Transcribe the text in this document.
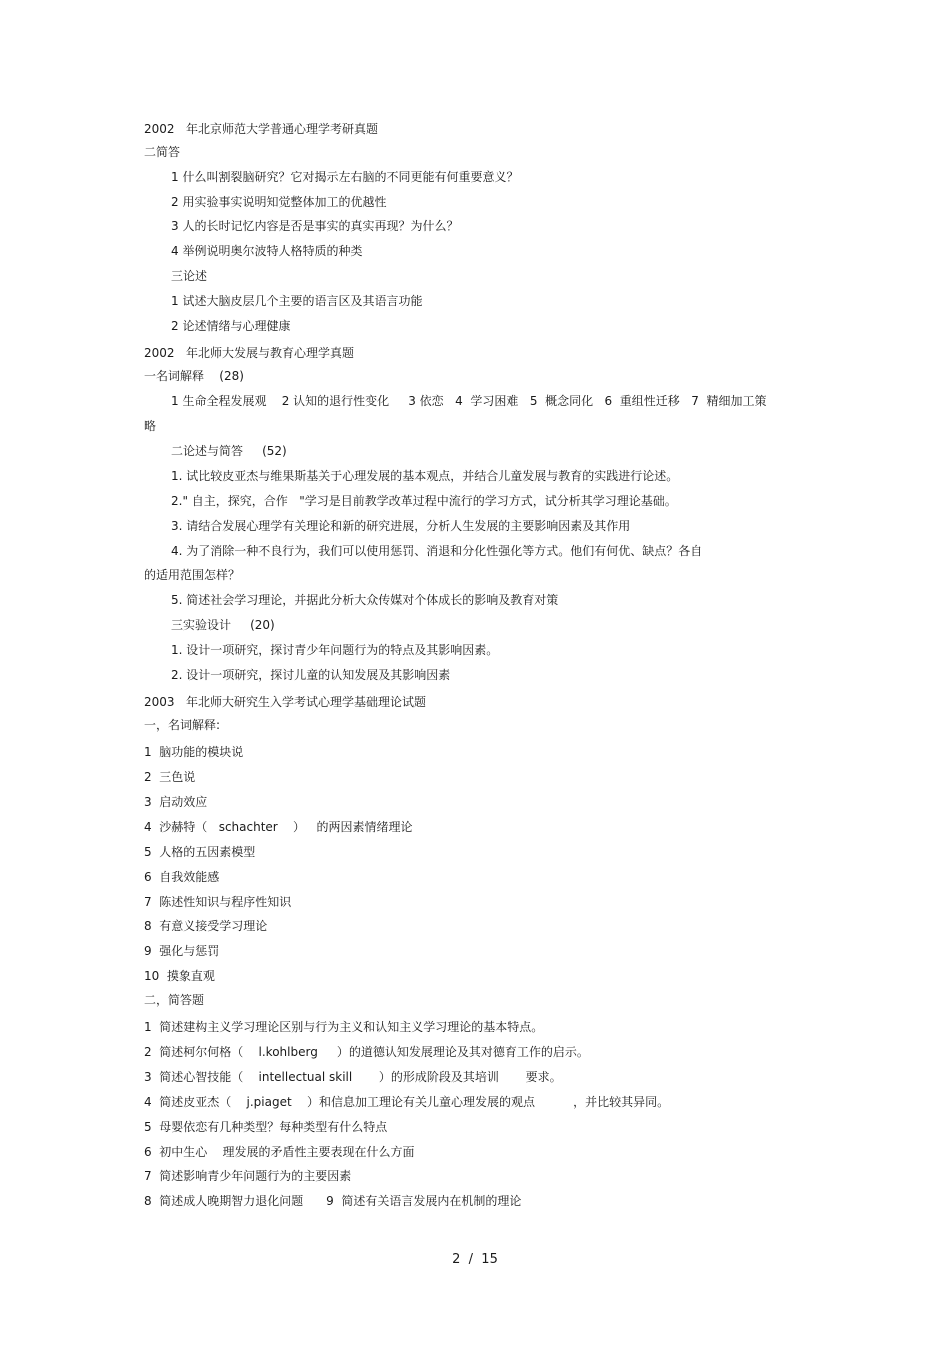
2002   年北京师范大学普通心理学考研真题

二简答

1 什么叫割裂脑研究？它对揭示左右脑的不同更能有何重要意义？

2 用实验事实说明知觉整体加工的优越性

3 人的长时记忆内容是否是事实的真实再现？为什么？

4 举例说明奥尔波特人格特质的种类

三论述

1 试述大脑皮层几个主要的语言区及其语言功能

2 论述情绪与心理健康

2002   年北师大发展与教育心理学真题

一名词解释    (28)

1 生命全程发展观    2 认知的退行性变化     3 依恋   4  学习困难   5  概念同化   6  重组性迁移   7  精细加工策

略

二论述与简答     (52)

1. 试比较皮亚杰与维果斯基关于心理发展的基本观点，并结合儿童发展与教育的实践进行论述。

2." 自主，探究，合作   "学习是目前教学改革过程中流行的学习方式，试分析其学习理论基础。

3. 请结合发展心理学有关理论和新的研究进展，分析人生发展的主要影响因素及其作用

4. 为了消除一种不良行为，我们可以使用惩罚、消退和分化性强化等方式。他们有何优、缺点？各自

的适用范围怎样？

5. 简述社会学习理论，并据此分析大众传媒对个体成长的影响及教育对策

三实验设计     (20)

1. 设计一项研究，探讨青少年问题行为的特点及其影响因素。

2. 设计一项研究，探讨儿童的认知发展及其影响因素

2003   年北师大研究生入学考试心理学基础理论试题

一，名词解释:

1  脑功能的模块说

2  三色说

3  启动效应

4  沙赫特（   schachter    ）   的两因素情绪理论

5  人格的五因素模型

6  自我效能感

7  陈述性知识与程序性知识

8  有意义接受学习理论

9  强化与惩罚

10  摸象直观

二，简答题

1  简述建构主义学习理论区别与行为主义和认知主义学习理论的基本特点。

2  简述柯尔何格（    l.kohlberg     ）的道德认知发展理论及其对德育工作的启示。

3  简述心智技能（    intellectual skill       ）的形成阶段及其培训       要求。

4  简述皮亚杰（    j.piaget    ）和信息加工理论有关儿童心理发展的观点          ，并比较其异同。

5  母婴依恋有几种类型？每种类型有什么特点

6  初中生心    理发展的矛盾性主要表现在什么方面

7  简述影响青少年问题行为的主要因素

8  简述成人晚期智力退化问题      9  简述有关语言发展内在机制的理论

2  /  15
